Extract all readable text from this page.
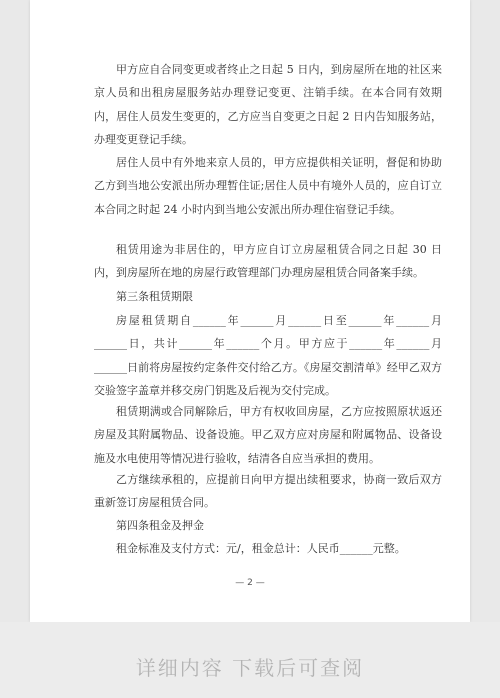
甲方应自合同变更或者终止之日起 5 日内，到房屋所在地的社区来京人员和出租房屋服务站办理登记变更、注销手续。在本合同有效期内，居住人员发生变更的，乙方应当自变更之日起 2 日内告知服务站，办理变更登记手续。

居住人员中有外地来京人员的，甲方应提供相关证明，督促和协助乙方到当地公安派出所办理暂住证;居住人员中有境外人员的，应自订立本合同之时起 24 小时内到当地公安派出所办理住宿登记手续。

租赁用途为非居住的，甲方应自订立房屋租赁合同之日起 30 日内，到房屋所在地的房屋行政管理部门办理房屋租赁合同备案手续。

第三条租赁期限

房屋租赁期自______年______月______日至______年______月______日，共计______年______个月。甲方应于______年______月______日前将房屋按约定条件交付给乙方。《房屋交割清单》经甲乙双方交验签字盖章并移交房门钥匙及后视为交付完成。

租赁期满或合同解除后，甲方有权收回房屋，乙方应按照原状返还房屋及其附属物品、设备设施。甲乙双方应对房屋和附属物品、设备设施及水电使用等情况进行验收，结清各自应当承担的费用。

乙方继续承租的，应提前日向甲方提出续租要求，协商一致后双方重新签订房屋租赁合同。

第四条租金及押金

租金标准及支付方式：元/，租金总计：人民币______元整。

— 2 —
详细内容 下载后可查阅
